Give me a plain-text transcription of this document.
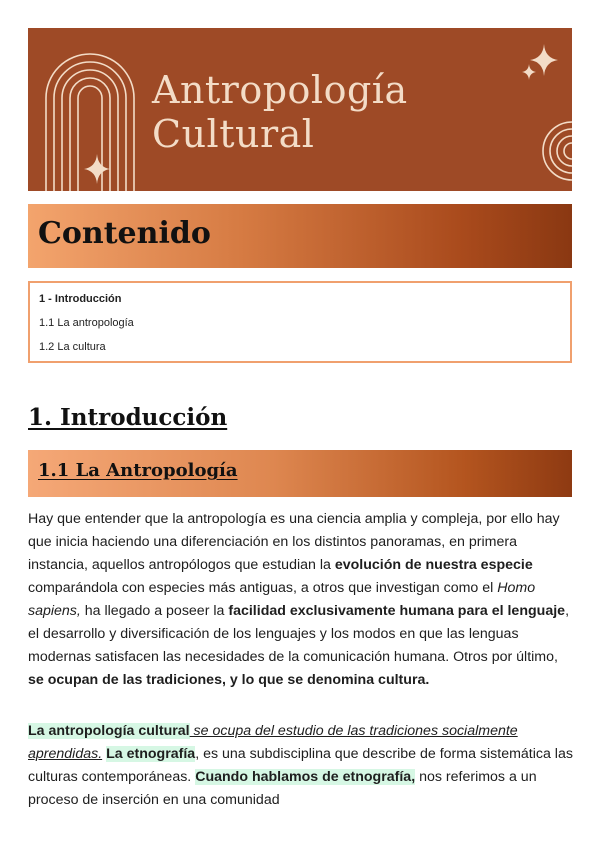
Antropología
Cultural
Contenido
1 - Introducción
1.1 La antropología
1.2 La cultura
1. Introducción
1.1 La Antropología

Hay que entender que la antropología es una ciencia amplia y compleja, por ello hay que inicia haciendo una diferenciación en los distintos panoramas, en primera instancia, aquellos antropólogos que estudian la evolución de nuestra especie comparándola con especies más antiguas, a otros que investigan como el Homo sapiens, ha llegado a poseer la facilidad exclusivamente humana para el lenguaje, el desarrollo y diversificación de los lenguajes y los modos en que las lenguas modernas satisfacen las necesidades de la comunicación humana. Otros por último, se ocupan de las tradiciones, y lo que se denomina cultura.

La antropología cultural se ocupa del estudio de las tradiciones socialmente aprendidas. La etnografía, es una subdisciplina que describe de forma sistemática las culturas contemporáneas. Cuando hablamos de etnografía, nos referimos a un proceso de inserción en una comunidad
